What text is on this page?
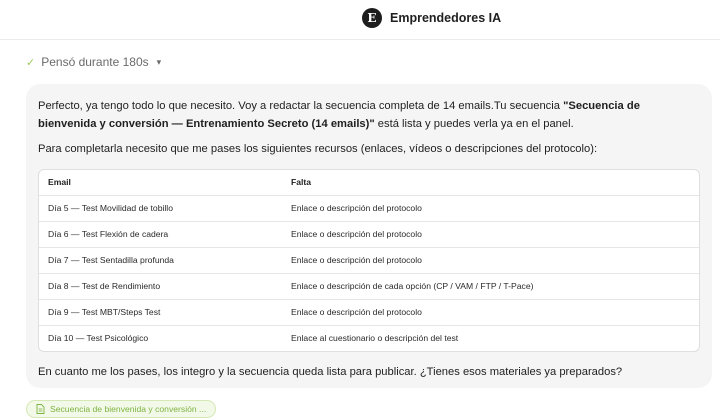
E	Emprendedores IA
✓ Pensó durante 180s ▾

Perfecto, ya tengo todo lo que necesito. Voy a redactar la secuencia completa de 14 emails.Tu secuencia "Secuencia de bienvenida y conversión — Entrenamiento Secreto (14 emails)" está lista y puedes verla ya en el panel.

Para completarla necesito que me pases los siguientes recursos (enlaces, vídeos o descripciones del protocolo):

Email	Falta
Día 5 — Test Movilidad de tobillo	Enlace o descripción del protocolo
Día 6 — Test Flexión de cadera	Enlace o descripción del protocolo
Día 7 — Test Sentadilla profunda	Enlace o descripción del protocolo
Día 8 — Test de Rendimiento	Enlace o descripción de cada opción (CP / VAM / FTP / T-Pace)
Día 9 — Test MBT/Steps Test	Enlace o descripción del protocolo
Día 10 — Test Psicológico	Enlace al cuestionario o descripción del test

En cuanto me los pases, los integro y la secuencia queda lista para publicar. ¿Tienes esos materiales ya preparados?

Secuencia de bienvenida y conversión ...
